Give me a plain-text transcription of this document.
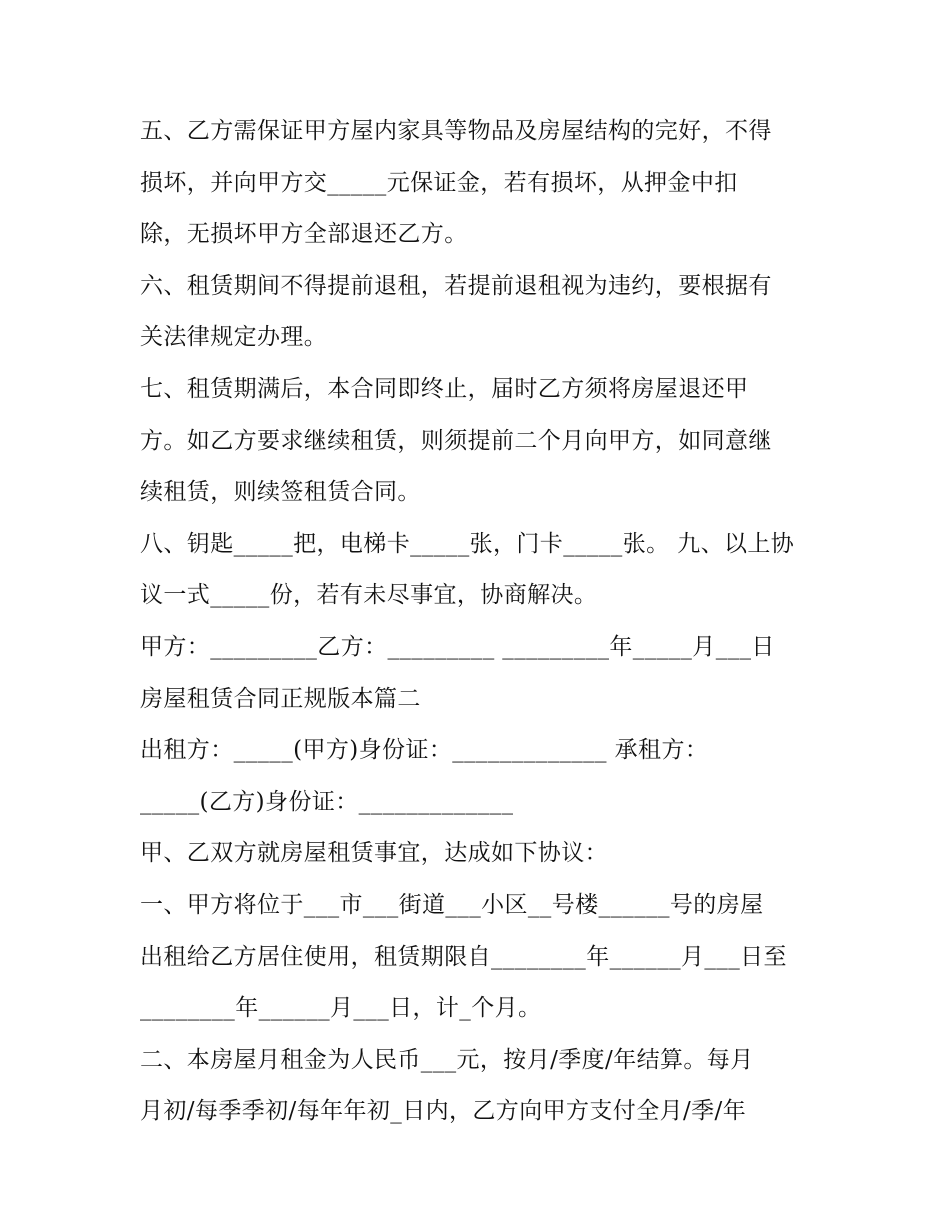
五、乙方需保证甲方屋内家具等物品及房屋结构的完好，不得
损坏，并向甲方交_____元保证金，若有损坏，从押金中扣
除，无损坏甲方全部退还乙方。
六、租赁期间不得提前退租，若提前退租视为违约，要根据有
关法律规定办理。
七、租赁期满后，本合同即终止，届时乙方须将房屋退还甲
方。如乙方要求继续租赁，则须提前二个月向甲方，如同意继
续租赁，则续签租赁合同。
八、钥匙_____把，电梯卡_____张，门卡_____张。 九、以上协
议一式_____份，若有未尽事宜，协商解决。
甲方：_________乙方：_________ _________年_____月___日
房屋租赁合同正规版本篇二
出租方：_____(甲方)身份证：_____________ 承租方：
_____(乙方)身份证：_____________
甲、乙双方就房屋租赁事宜，达成如下协议：
一、甲方将位于___市___街道___小区__号楼______号的房屋
出租给乙方居住使用，租赁期限自________年______月___日至
________年______月___日，计_个月。
二、本房屋月租金为人民币___元，按月/季度/年结算。每月
月初/每季季初/每年年初_日内，乙方向甲方支付全月/季/年
